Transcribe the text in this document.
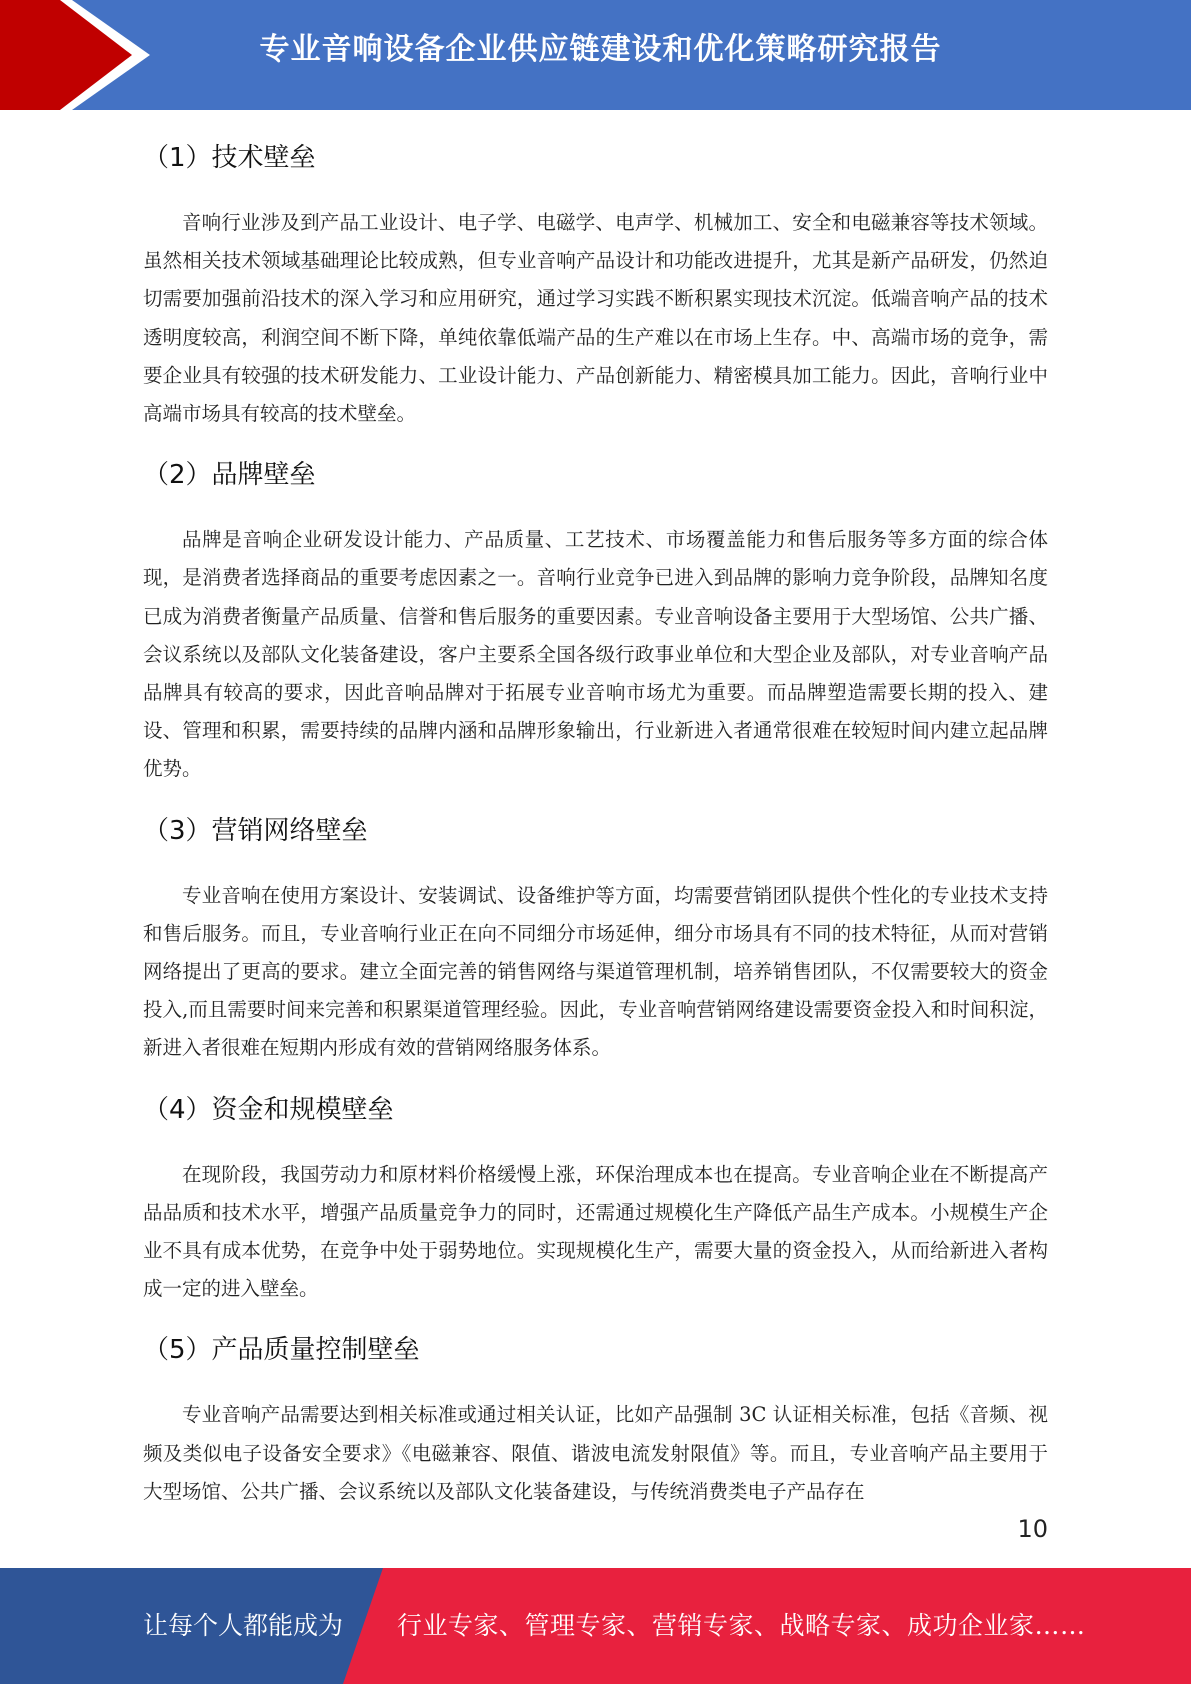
专业音响设备企业供应链建设和优化策略研究报告
（1）技术壁垒

音响行业涉及到产品工业设计、电子学、电磁学、电声学、机械加工、安全和电磁兼容等技术领域。虽然相关技术领域基础理论比较成熟，但专业音响产品设计和功能改进提升，尤其是新产品研发，仍然迫切需要加强前沿技术的深入学习和应用研究，通过学习实践不断积累实现技术沉淀。低端音响产品的技术透明度较高，利润空间不断下降，单纯依靠低端产品的生产难以在市场上生存。中、高端市场的竞争，需要企业具有较强的技术研发能力、工业设计能力、产品创新能力、精密模具加工能力。因此，音响行业中高端市场具有较高的技术壁垒。

（2）品牌壁垒

品牌是音响企业研发设计能力、产品质量、工艺技术、市场覆盖能力和售后服务等多方面的综合体现，是消费者选择商品的重要考虑因素之一。音响行业竞争已进入到品牌的影响力竞争阶段，品牌知名度已成为消费者衡量产品质量、信誉和售后服务的重要因素。专业音响设备主要用于大型场馆、公共广播、会议系统以及部队文化装备建设，客户主要系全国各级行政事业单位和大型企业及部队，对专业音响产品品牌具有较高的要求，因此音响品牌对于拓展专业音响市场尤为重要。而品牌塑造需要长期的投入、建设、管理和积累，需要持续的品牌内涵和品牌形象输出，行业新进入者通常很难在较短时间内建立起品牌优势。

（3）营销网络壁垒

专业音响在使用方案设计、安装调试、设备维护等方面，均需要营销团队提供个性化的专业技术支持和售后服务。而且，专业音响行业正在向不同细分市场延伸，细分市场具有不同的技术特征，从而对营销网络提出了更高的要求。建立全面完善的销售网络与渠道管理机制，培养销售团队，不仅需要较大的资金投入,而且需要时间来完善和积累渠道管理经验。因此，专业音响营销网络建设需要资金投入和时间积淀，新进入者很难在短期内形成有效的营销网络服务体系。

（4）资金和规模壁垒

在现阶段，我国劳动力和原材料价格缓慢上涨，环保治理成本也在提高。专业音响企业在不断提高产品品质和技术水平，增强产品质量竞争力的同时，还需通过规模化生产降低产品生产成本。小规模生产企业不具有成本优势，在竞争中处于弱势地位。实现规模化生产，需要大量的资金投入，从而给新进入者构成一定的进入壁垒。

（5）产品质量控制壁垒

专业音响产品需要达到相关标准或通过相关认证，比如产品强制 3C 认证相关标准，包括《音频、视频及类似电子设备安全要求》《电磁兼容、限值、谐波电流发射限值》等。而且，专业音响产品主要用于大型场馆、公共广播、会议系统以及部队文化装备建设，与传统消费类电子产品存在

10
让每个人都能成为 行业专家、管理专家、营销专家、战略专家、成功企业家……
